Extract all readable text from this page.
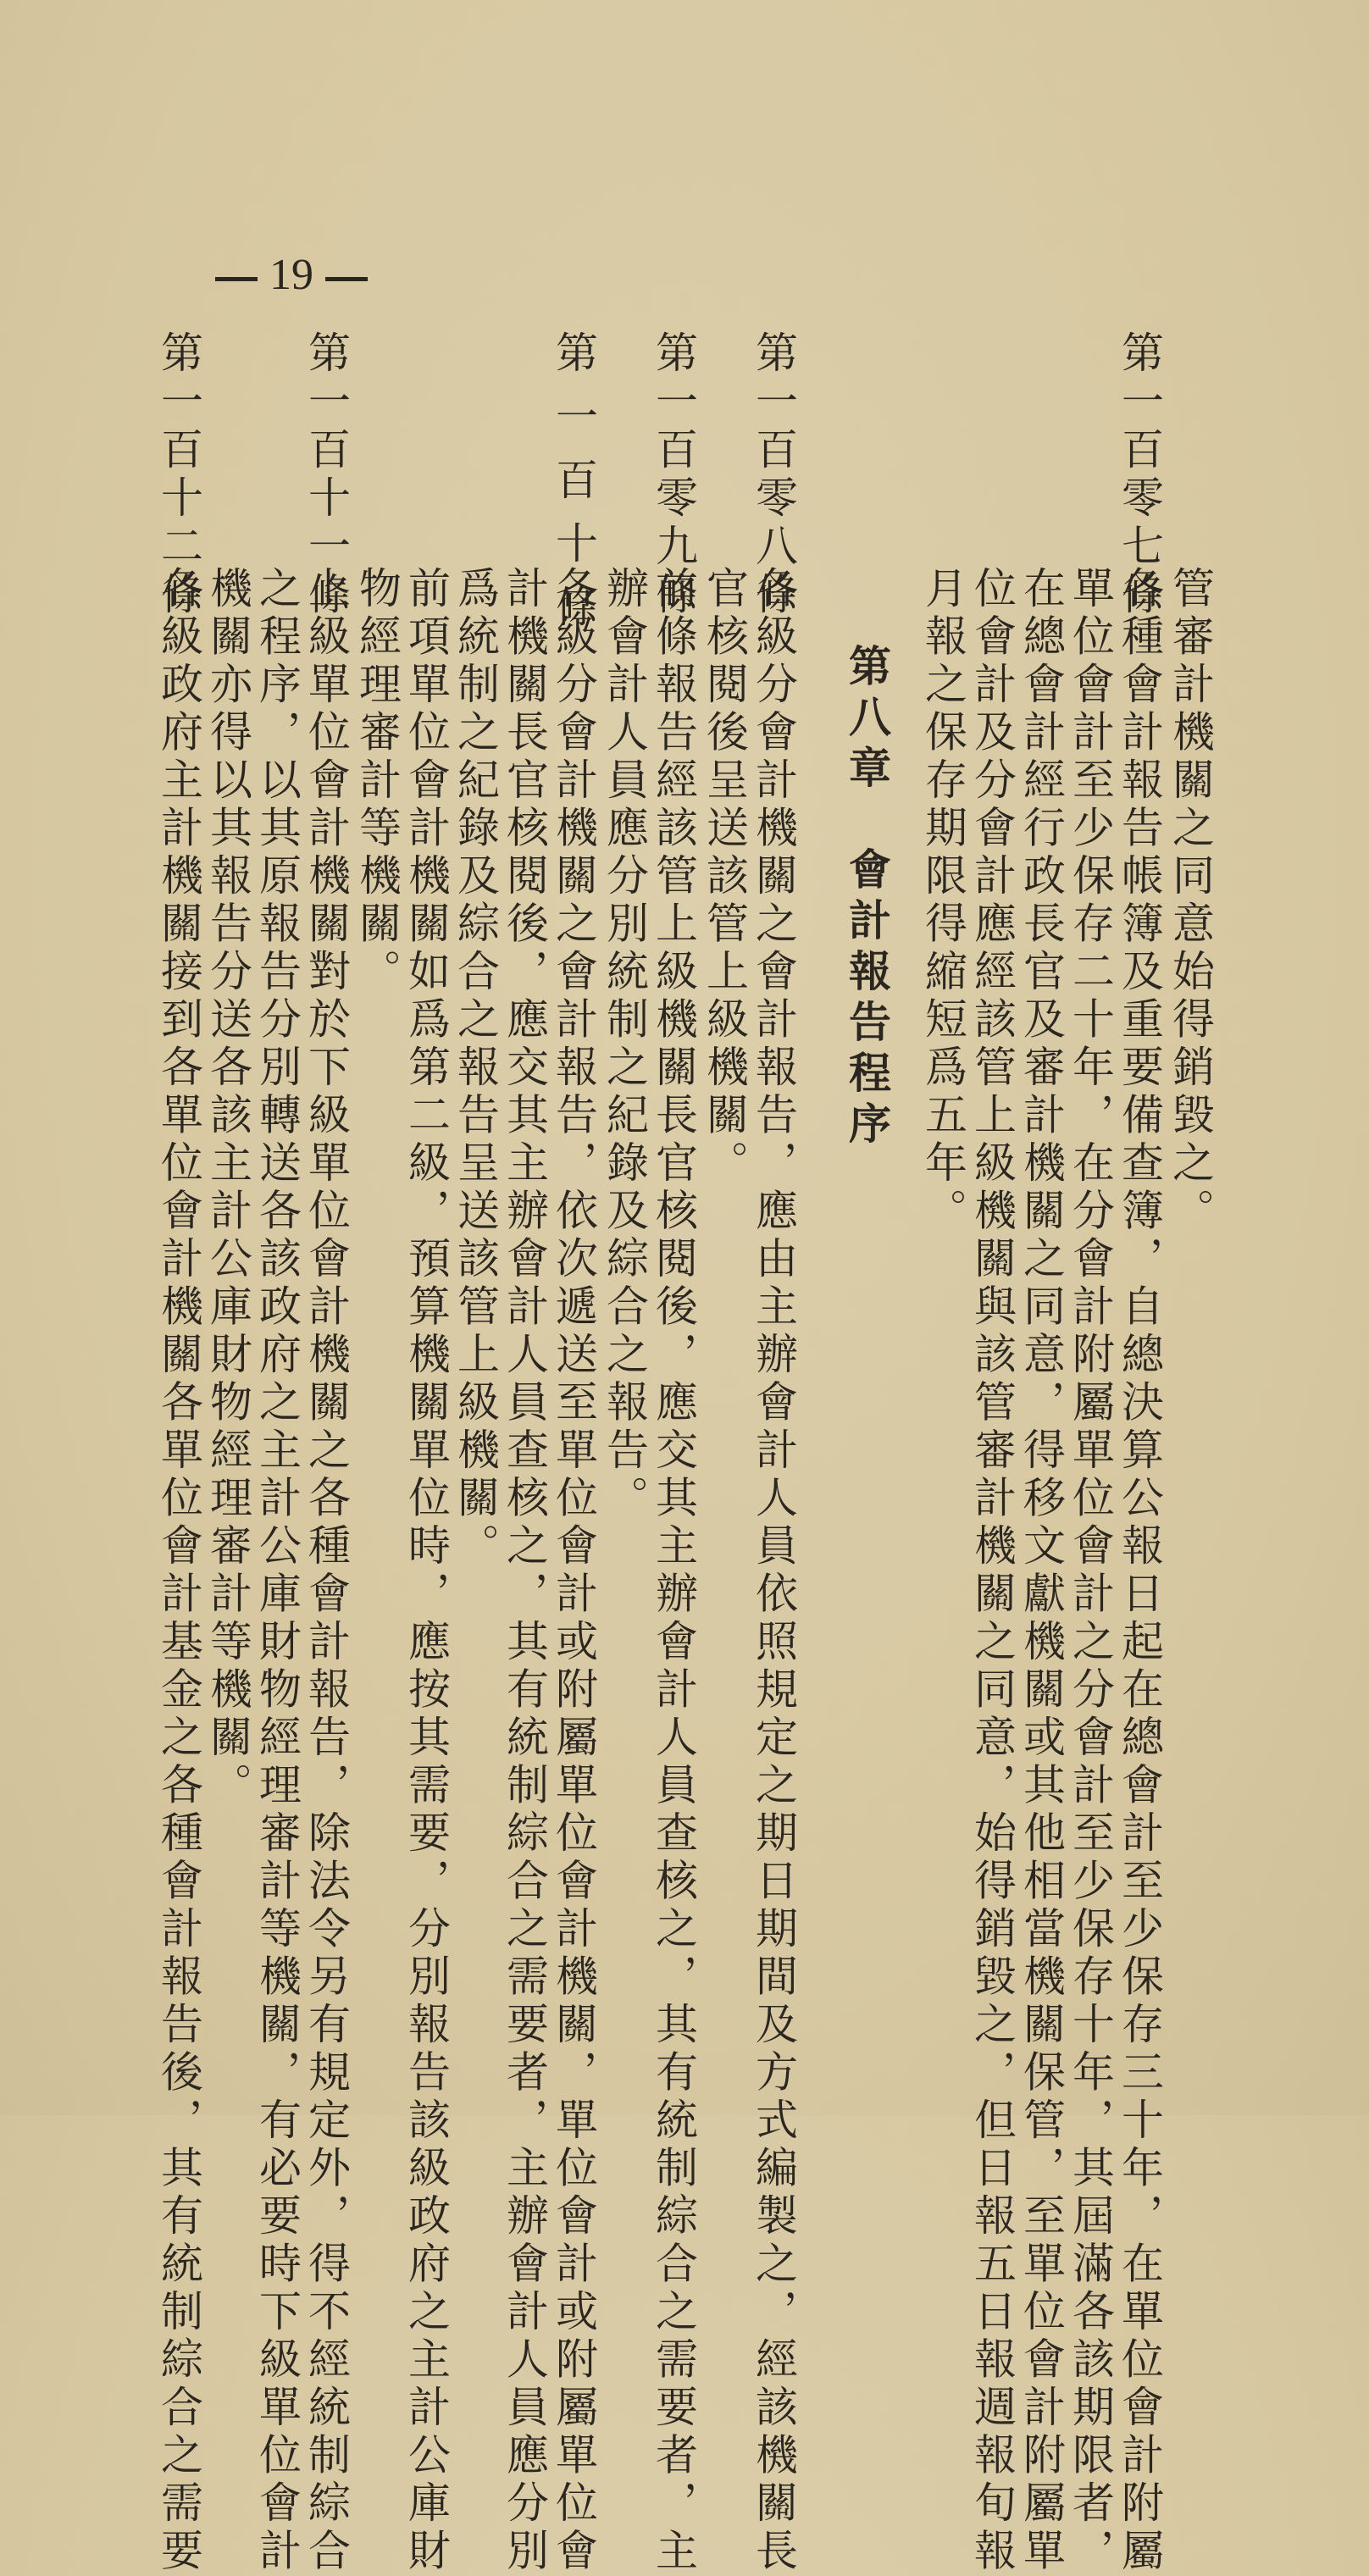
19
管審計機關之同意始得銷毀之。
第一百零七條
各種會計報告帳簿及重要備查簿，自總決算公報日起在總會計至少保存三十年，在單位會計附屬
單位會計至少保存二十年，在分會計附屬單位會計之分會計至少保存十年，其屆滿各該期限者，
在總會計經行政長官及審計機關之同意，得移文獻機關或其他相當機關保管，至單位會計附屬單
位會計及分會計應經該管上級機關與該管審計機關之同意，始得銷毀之，但日報五日報週報旬報
月報之保存期限得縮短爲五年。
第八章會計報告程序
第一百零八條
各級分會計機關之會計報告，應由主辦會計人員依照規定之期日期間及方式編製之，經該機關長
官核閱後呈送該管上級機關。
第一百零九條
前條報告經該管上級機關長官核閱後，應交其主辦會計人員查核之，其有統制綜合之需要者，主
辦會計人員應分別統制之紀錄及綜合之報告。
第一百十條
各級分會計機關之會計報告，依次遞送至單位會計或附屬單位會計機關，單位會計或附屬單位會
計機關長官核閱後，應交其主辦會計人員查核之，其有統制綜合之需要者，主辦會計人員應分別
爲統制之紀錄及綜合之報告呈送該管上級機關。
前項單位會計機關如爲第二級，預算機關單位時，應按其需要，分別報告該級政府之主計公庫財
物經理審計等機關。
第一百十一條
上級單位會計機關對於下級單位會計機關之各種會計報告，除法令另有規定外，得不經統制綜合
之程序，以其原報告分別轉送各該政府之主計公庫財物經理審計等機關，有必要時下級單位會計
機關亦得以其報告分送各該主計公庫財物經理審計等機關。
第一百十二條
各級政府主計機關接到各單位會計機關各單位會計基金之各種會計報告後，其有統制綜合之需要
